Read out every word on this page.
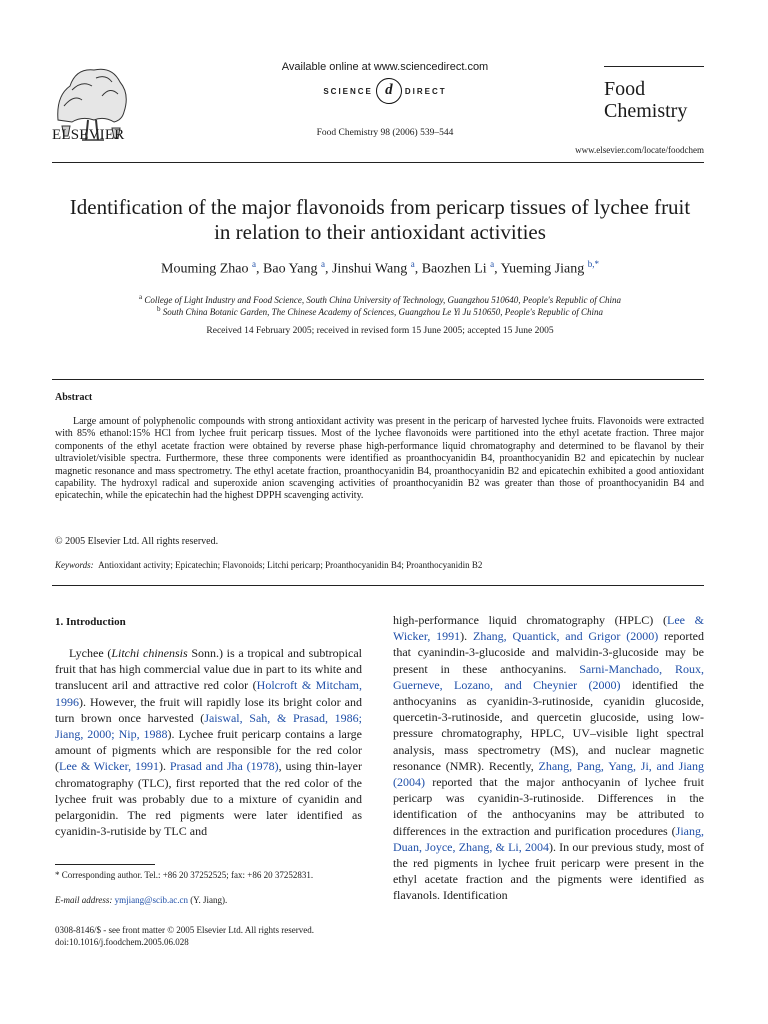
ELSEVIER
Available online at www.sciencedirect.com
SCIENCE d	DIRECT
Food Chemistry 98 (2006) 539–544
Food
Chemistry
www.elsevier.com/locate/foodchem
Identification of the major flavonoids from pericarp tissues of lychee fruit in relation to their antioxidant activities
Mouming Zhao $^a$, Bao Yang $^a$, Jinshui Wang $^a$, Baozhen Li $^a$, Yueming Jiang $^{b,*}$
$^a$ College of Light Industry and Food Science, South China University of Technology, Guangzhou 510640, People's Republic of China
$^b$ South China Botanic Garden, The Chinese Academy of Sciences, Guangzhou Le Yi Ju 510650, People's Republic of China
Received 14 February 2005; received in revised form 15 June 2005; accepted 15 June 2005
Abstract

Large amount of polyphenolic compounds with strong antioxidant activity was present in the pericarp of harvested lychee fruits. Flavonoids were extracted with 85% ethanol:15% HCl from lychee fruit pericarp tissues. Most of the lychee flavonoids were partitioned into the ethyl acetate fraction. Three major components of the ethyl acetate fraction were obtained by reverse phase high-performance liquid chromatography and determined to be flavanol by their ultraviolet/visible spectra. Furthermore, these three components were identified as proanthocyanidin B4, proanthocyanidin B2 and epicatechin by nuclear magnetic resonance and mass spectrometry. The ethyl acetate fraction, proanthocyanidin B4, proanthocyanidin B2 and epicatechin exhibited a good antioxidant capability. The hydroxyl radical and superoxide anion scavenging activities of proanthocyanidin B2 was greater than those of proanthocyanidin B4 and epicatechin, while the epicatechin had the highest DPPH scavenging activity.

© 2005 Elsevier Ltd. All rights reserved.
Keywords: Antioxidant activity; Epicatechin; Flavonoids; Litchi pericarp; Proanthocyanidin B4; Proanthocyanidin B2
1. Introduction

Lychee (Litchi chinensis Sonn.) is a tropical and subtropical fruit that has high commercial value due in part to its white and translucent aril and attractive red color (Holcroft & Mitcham, 1996). However, the fruit will rapidly lose its bright color and turn brown once harvested (Jaiswal, Sah, & Prasad, 1986; Jiang, 2000; Nip, 1988). Lychee fruit pericarp contains a large amount of pigments which are responsible for the red color (Lee & Wicker, 1991). Prasad and Jha (1978), using thin-layer chromatography (TLC), first reported that the red color of the lychee fruit was probably due to a mixture of cyanidin and pelargonidin. The red pigments were later identified as cyanidin-3-rutiside by TLC and

high-performance liquid chromatography (HPLC) (Lee & Wicker, 1991). Zhang, Quantick, and Grigor (2000) reported that cyanindin-3-glucoside and malvidin-3-glucoside may be present in these anthocyanins. Sarni-Manchado, Roux, Guerneve, Lozano, and Cheynier (2000) identified the anthocyanins as cyanidin-3-rutinoside, cyanidin glucoside, quercetin-3-rutinoside, and quercetin glucoside, using low-pressure chromatography, HPLC, UV–visible light spectral analysis, mass spectrometry (MS), and nuclear magnetic resonance (NMR). Recently, Zhang, Pang, Yang, Ji, and Jiang (2004) reported that the major anthocyanin of lychee fruit pericarp was cyanidin-3-rutinoside. Differences in the identification of the anthocyanins may be attributed to differences in the extraction and purification procedures (Jiang, Duan, Joyce, Zhang, & Li, 2004). In our previous study, most of the red pigments in lychee fruit pericarp were present in the ethyl acetate fraction and the pigments were identified as flavanols. Identification

* Corresponding author. Tel.: +86 20 37252525; fax: +86 20 37252831.
E-mail address: ymjiang@scib.ac.cn (Y. Jiang).
0308-8146/$ - see front matter © 2005 Elsevier Ltd. All rights reserved.
doi:10.1016/j.foodchem.2005.06.028
